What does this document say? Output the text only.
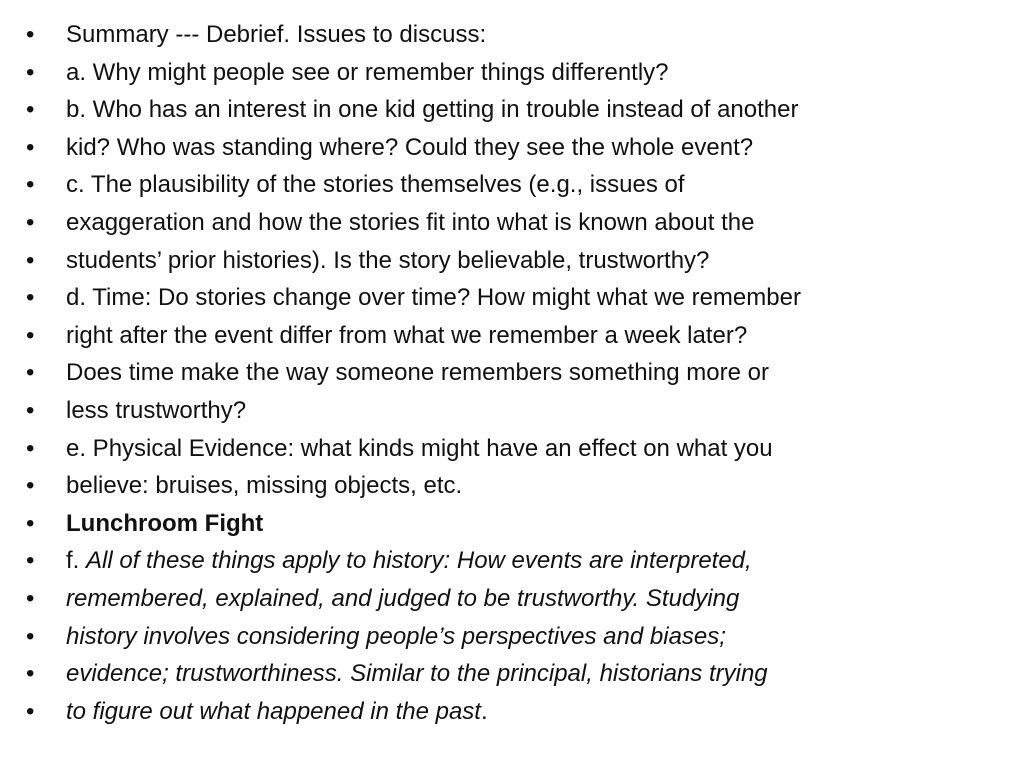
•	Summary --- Debrief. Issues to discuss:
•	a. Why might people see or remember things differently?
•	b. Who has an interest in one kid getting in trouble instead of another
•	kid? Who was standing where? Could they see the whole event?
•	c. The plausibility of the stories themselves (e.g., issues of
•	exaggeration and how the stories fit into what is known about the
•	students’ prior histories). Is the story believable, trustworthy?
•	d. Time: Do stories change over time? How might what we remember
•	right after the event differ from what we remember a week later?
•	Does time make the way someone remembers something more or
•	less trustworthy?
•	e. Physical Evidence: what kinds might have an effect on what you
•	believe: bruises, missing objects, etc.
•	Lunchroom Fight
•	f. All of these things apply to history: How events are interpreted,
•	remembered, explained, and judged to be trustworthy. Studying
•	history involves considering people’s perspectives and biases;
•	evidence; trustworthiness. Similar to the principal, historians trying
•	to figure out what happened in the past.
